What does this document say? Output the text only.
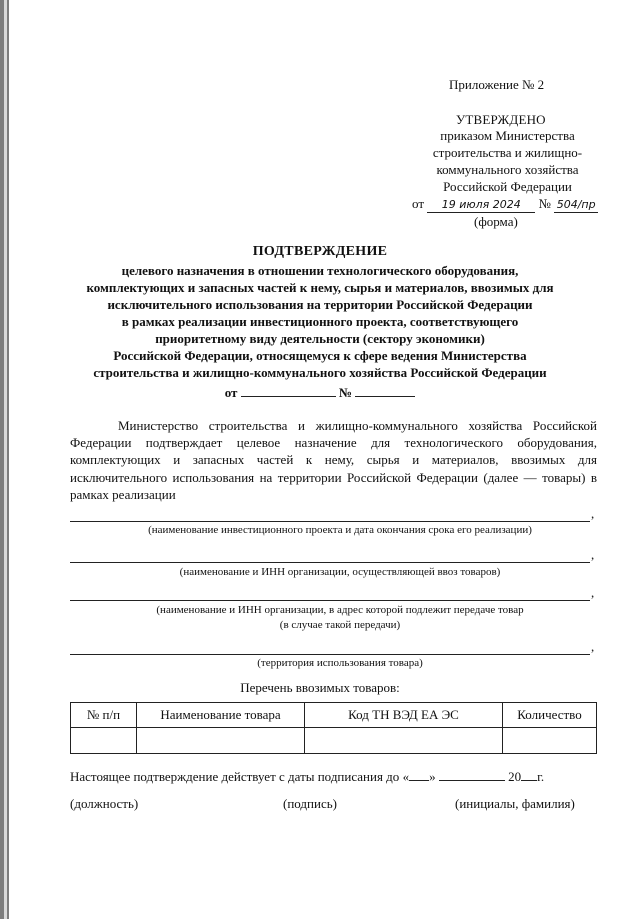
Приложение № 2
УТВЕРЖДЕНО
приказом Министерства
строительства и жилищно-
коммунального хозяйства
Российской Федерации
от 19 июля 2024 № 504/пр
(форма)
ПОДТВЕРЖДЕНИЕ
целевого назначения в отношении технологического оборудования,
комплектующих и запасных частей к нему, сырья и материалов, ввозимых для
исключительного использования на территории Российской Федерации
в рамках реализации инвестиционного проекта, соответствующего
приоритетному виду деятельности (сектору экономики)
Российской Федерации, относящемуся к сфере ведения Министерства
строительства и жилищно-коммунального хозяйства Российской Федерации
от	№
Министерство строительства и жилищно-коммунального хозяйства Российской Федерации подтверждает целевое назначение для технологического оборудования, комплектующих и запасных частей к нему, сырья и материалов, ввозимых для исключительного использования на территории Российской Федерации (далее — товары) в рамках реализации
,
(наименование инвестиционного проекта и дата окончания срока его реализации)
,
(наименование и ИНН организации, осуществляющей ввоз товаров)
,
(наименование и ИНН организации, в адрес которой подлежит передаче товар
(в случае такой передачи)
,
(территория использования товара)
Перечень ввозимых товаров:
№ п/п	Наименование товара	Код ТН ВЭД ЕА ЭС	Количество

Настоящее подтверждение действует с даты подписания до « »	20 г.
(должность)	(подпись)	(инициалы, фамилия)
